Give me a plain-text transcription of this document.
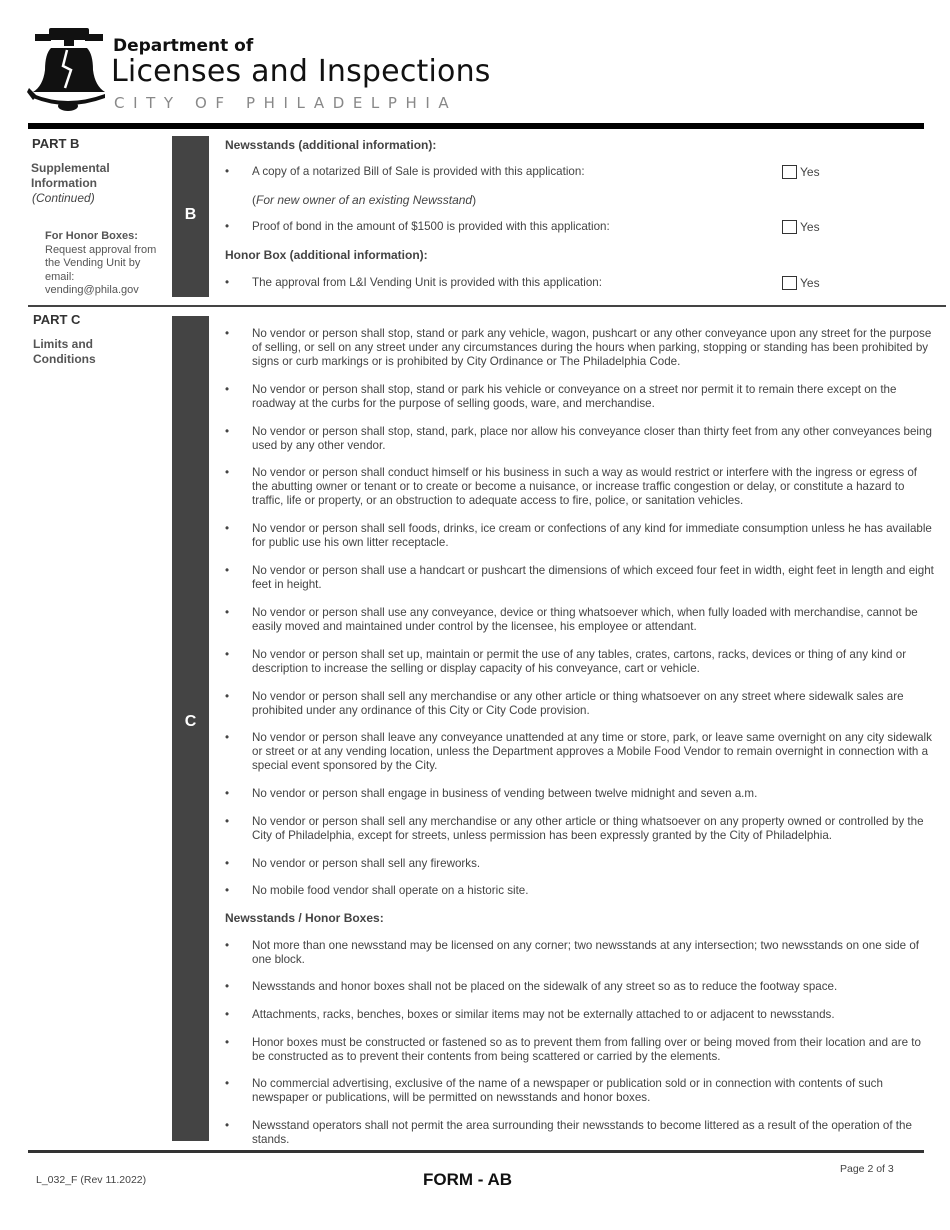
Department of
Licenses and Inspections
CITY OF PHILADELPHIA
PART B
Supplemental
Information
(Continued)
For Honor Boxes:
Request approval from the Vending Unit by email: vending@phila.gov
B
Newsstands (additional information):
• A copy of a notarized Bill of Sale is provided with this application:	Yes
(For new owner of an existing Newsstand)
• Proof of bond in the amount of $1500 is provided with this application:	Yes
Honor Box (additional information):
• The approval from L&I Vending Unit is provided with this application:	Yes
PART C
Limits and
Conditions
C
• No vendor or person shall stop, stand or park any vehicle, wagon, pushcart or any other conveyance upon any street for the purpose of selling, or sell on any street under any circumstances during the hours when parking, stopping or standing has been prohibited by signs or curb markings or is prohibited by City Ordinance or The Philadelphia Code.
• No vendor or person shall stop, stand or park his vehicle or conveyance on a street nor permit it to remain there except on the roadway at the curbs for the purpose of selling goods, ware, and merchandise.
• No vendor or person shall stop, stand, park, place nor allow his conveyance closer than thirty feet from any other conveyances being used by any other vendor.
• No vendor or person shall conduct himself or his business in such a way as would restrict or interfere with the ingress or egress of the abutting owner or tenant or to create or become a nuisance, or increase traffic congestion or delay, or constitute a hazard to traffic, life or property, or an obstruction to adequate access to fire, police, or sanitation vehicles.
• No vendor or person shall sell foods, drinks, ice cream or confections of any kind for immediate consumption unless he has available for public use his own litter receptacle.
• No vendor or person shall use a handcart or pushcart the dimensions of which exceed four feet in width, eight feet in length and eight feet in height.
• No vendor or person shall use any conveyance, device or thing whatsoever which, when fully loaded with merchandise, cannot be easily moved and maintained under control by the licensee, his employee or attendant.
• No vendor or person shall set up, maintain or permit the use of any tables, crates, cartons, racks, devices or thing of any kind or description to increase the selling or display capacity of his conveyance, cart or vehicle.
• No vendor or person shall sell any merchandise or any other article or thing whatsoever on any street where sidewalk sales are prohibited under any ordinance of this City or City Code provision.
• No vendor or person shall leave any conveyance unattended at any time or store, park, or leave same overnight on any city sidewalk or street or at any vending location, unless the Department approves a Mobile Food Vendor to remain overnight in connection with a special event sponsored by the City.
• No vendor or person shall engage in business of vending between twelve midnight and seven a.m.
• No vendor or person shall sell any merchandise or any other article or thing whatsoever on any property owned or controlled by the City of Philadelphia, except for streets, unless permission has been expressly granted by the City of Philadelphia.
• No vendor or person shall sell any fireworks.
• No mobile food vendor shall operate on a historic site.
Newsstands / Honor Boxes:
• Not more than one newsstand may be licensed on any corner; two newsstands at any intersection; two newsstands on one side of one block.
• Newsstands and honor boxes shall not be placed on the sidewalk of any street so as to reduce the footway space.
• Attachments, racks, benches, boxes or similar items may not be externally attached to or adjacent to newsstands.
• Honor boxes must be constructed or fastened so as to prevent them from falling over or being moved from their location and are to be constructed as to prevent their contents from being scattered or carried by the elements.
• No commercial advertising, exclusive of the name of a newspaper or publication sold or in connection with contents of such newspaper or publications, will be permitted on newsstands and honor boxes.
• Newsstand operators shall not permit the area surrounding their newsstands to become littered as a result of the operation of the stands.
L_032_F (Rev 11.2022)	FORM - AB
Page 2 of 3
